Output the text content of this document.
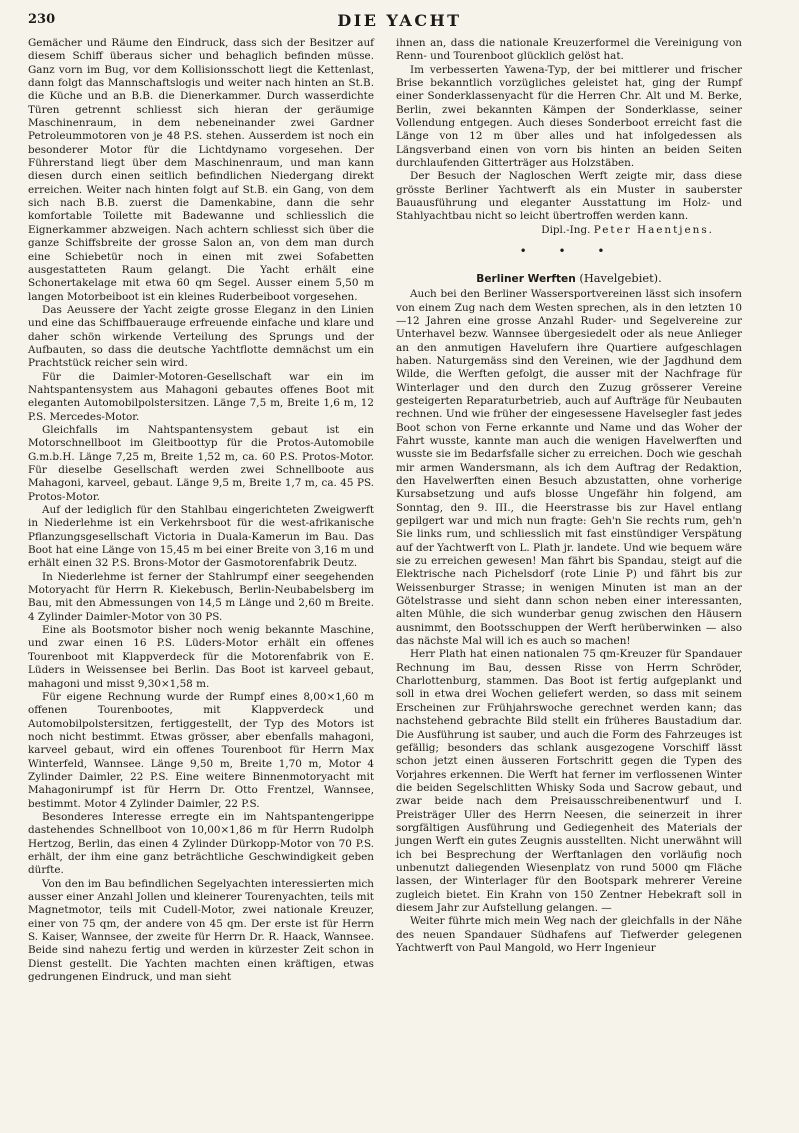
230	DIE YACHT

Gemächer und Räume den Eindruck, dass sich der Besitzer auf diesem Schiff überaus sicher und behaglich befinden müsse. Ganz vorn im Bug, vor dem Kollisionsschott liegt die Kettenlast, dann folgt das Mannschaftslogis und weiter nach hinten an St.B. die Küche und an B.B. die Dienerkammer. Durch wasserdichte Türen getrennt schliesst sich hieran der geräumige Maschinenraum, in dem nebeneinander zwei Gardner Petroleummotoren von je 48 P.S. stehen. Ausserdem ist noch ein besonderer Motor für die Lichtdynamo vorgesehen. Der Führerstand liegt über dem Maschinenraum, und man kann diesen durch einen seitlich befindlichen Niedergang direkt erreichen. Weiter nach hinten folgt auf St.B. ein Gang, von dem sich nach B.B. zuerst die Damenkabine, dann die sehr komfortable Toilette mit Badewanne und schliesslich die Eignerkammer abzweigen. Nach achtern schliesst sich über die ganze Schiffsbreite der grosse Salon an, von dem man durch eine Schiebetür noch in einen mit zwei Sofabetten ausgestatteten Raum gelangt. Die Yacht erhält eine Schonertakelage mit etwa 60 qm Segel. Ausser einem 5,50 m langen Motorbeiboot ist ein kleines Ruderbeiboot vorgesehen.

Das Aeussere der Yacht zeigte grosse Eleganz in den Linien und eine das Schiffbauerauge erfreuende einfache und klare und daher schön wirkende Verteilung des Sprungs und der Aufbauten, so dass die deutsche Yachtflotte demnächst um ein Prachtstück reicher sein wird.

Für die Daimler-Motoren-Gesellschaft war ein im Nahtspantensystem aus Mahagoni gebautes offenes Boot mit eleganten Automobilpolstersitzen. Länge 7,5 m, Breite 1,6 m, 12 P.S. Mercedes-Motor.

Gleichfalls im Nahtspantensystem gebaut ist ein Motorschnellboot im Gleitboottyp für die Protos-Automobile G.m.b.H. Länge 7,25 m, Breite 1,52 m, ca. 60 P.S. Protos-Motor. Für dieselbe Gesellschaft werden zwei Schnellboote aus Mahagoni, karveel, gebaut. Länge 9,5 m, Breite 1,7 m, ca. 45 PS. Protos-Motor.

Auf der lediglich für den Stahlbau eingerichteten Zweigwerft in Niederlehme ist ein Verkehrsboot für die west-afrikanische Pflanzungsgesellschaft Victoria in Duala-Kamerun im Bau. Das Boot hat eine Länge von 15,45 m bei einer Breite von 3,16 m und erhält einen 32 P.S. Brons-Motor der Gasmotorenfabrik Deutz.

In Niederlehme ist ferner der Stahlrumpf einer seegehenden Motoryacht für Herrn R. Kiekebusch, Berlin-Neubabelsberg im Bau, mit den Abmessungen von 14,5 m Länge und 2,60 m Breite. 4 Zylinder Daimler-Motor von 30 PS.

Eine als Bootsmotor bisher noch wenig bekannte Maschine, und zwar einen 16 P.S. Lüders-Motor erhält ein offenes Tourenboot mit Klappverdeck für die Motorenfabrik von E. Lüders in Weissensee bei Berlin. Das Boot ist karveel gebaut, mahagoni und misst 9,30×1,58 m.

Für eigene Rechnung wurde der Rumpf eines 8,00×1,60 m offenen Tourenbootes, mit Klappverdeck und Automobilpolstersitzen, fertiggestellt, der Typ des Motors ist noch nicht bestimmt. Etwas grösser, aber ebenfalls mahagoni, karveel gebaut, wird ein offenes Tourenboot für Herrn Max Winterfeld, Wannsee. Länge 9,50 m, Breite 1,70 m, Motor 4 Zylinder Daimler, 22 P.S. Eine weitere Binnenmotoryacht mit Mahagonirumpf ist für Herrn Dr. Otto Frentzel, Wannsee, bestimmt. Motor 4 Zylinder Daimler, 22 P.S.

Besonderes Interesse erregte ein im Nahtspantengerippe dastehendes Schnellboot von 10,00×1,86 m für Herrn Rudolph Hertzog, Berlin, das einen 4 Zylinder Dürkopp-Motor von 70 P.S. erhält, der ihm eine ganz beträchtliche Geschwindigkeit geben dürfte.

Von den im Bau befindlichen Segelyachten interessierten mich ausser einer Anzahl Jollen und kleinerer Tourenyachten, teils mit Magnetmotor, teils mit Cudell-Motor, zwei nationale Kreuzer, einer von 75 qm, der andere von 45 qm. Der erste ist für Herrn S. Kaiser, Wannsee, der zweite für Herrn Dr. R. Haack, Wannsee. Beide sind nahezu fertig und werden in kürzester Zeit schon in Dienst gestellt. Die Yachten machten einen kräftigen, etwas gedrungenen Eindruck, und man sieht

ihnen an, dass die nationale Kreuzerformel die Vereinigung von Renn- und Tourenboot glücklich gelöst hat.

Im verbesserten Yawena-Typ, der bei mittlerer und frischer Brise bekanntlich vorzügliches geleistet hat, ging der Rumpf einer Sonderklassenyacht für die Herren Chr. Alt und M. Berke, Berlin, zwei bekannten Kämpen der Sonderklasse, seiner Vollendung entgegen. Auch dieses Sonderboot erreicht fast die Länge von 12 m über alles und hat infolgedessen als Längsverband einen von vorn bis hinten an beiden Seiten durchlaufenden Gitterträger aus Holzstäben.

Der Besuch der Nagloschen Werft zeigte mir, dass diese grösste Berliner Yachtwerft als ein Muster in sauberster Bauausführung und eleganter Ausstattung im Holz- und Stahlyachtbau nicht so leicht übertroffen werden kann.

Dipl.-Ing. Peter Haentjens.
• • •
Berliner Werften (Havelgebiet).

Auch bei den Berliner Wassersportvereinen lässt sich insofern von einem Zug nach dem Westen sprechen, als in den letzten 10—12 Jahren eine grosse Anzahl Ruder- und Segelvereine zur Unterhavel bezw. Wannsee übergesiedelt oder als neue Anlieger an den anmutigen Havelufern ihre Quartiere aufgeschlagen haben. Naturgemäss sind den Vereinen, wie der Jagdhund dem Wilde, die Werften gefolgt, die ausser mit der Nachfrage für Winterlager und den durch den Zuzug grösserer Vereine gesteigerten Reparaturbetrieb, auch auf Aufträge für Neubauten rechnen. Und wie früher der eingesessene Havelsegler fast jedes Boot schon von Ferne erkannte und Name und das Woher der Fahrt wusste, kannte man auch die wenigen Havelwerften und wusste sie im Bedarfsfalle sicher zu erreichen. Doch wie geschah mir armen Wandersmann, als ich dem Auftrag der Redaktion, den Havelwerften einen Besuch abzustatten, ohne vorherige Kursabsetzung und aufs blosse Ungefähr hin folgend, am Sonntag, den 9. III., die Heerstrasse bis zur Havel entlang gepilgert war und mich nun fragte: Geh'n Sie rechts rum, geh'n Sie links rum, und schliesslich mit fast einstündiger Verspätung auf der Yachtwerft von L. Plath jr. landete. Und wie bequem wäre sie zu erreichen gewesen! Man fährt bis Spandau, steigt auf die Elektrische nach Pichelsdorf (rote Linie P) und fährt bis zur Weissenburger Strasse; in wenigen Minuten ist man an der Götelstrasse und sieht dann schon neben einer interessanten, alten Mühle, die sich wunderbar genug zwischen den Häusern ausnimmt, den Bootsschuppen der Werft herüberwinken — also das nächste Mal will ich es auch so machen!

Herr Plath hat einen nationalen 75 qm-Kreuzer für Spandauer Rechnung im Bau, dessen Risse von Herrn Schröder, Charlottenburg, stammen. Das Boot ist fertig aufgeplankt und soll in etwa drei Wochen geliefert werden, so dass mit seinem Erscheinen zur Frühjahrswoche gerechnet werden kann; das nachstehend gebrachte Bild stellt ein früheres Baustadium dar. Die Ausführung ist sauber, und auch die Form des Fahrzeuges ist gefällig; besonders das schlank ausgezogene Vorschiff lässt schon jetzt einen äusseren Fortschritt gegen die Typen des Vorjahres erkennen. Die Werft hat ferner im verflossenen Winter die beiden Segelschlitten Whisky Soda und Sacrow gebaut, und zwar beide nach dem Preisausschreibenentwurf und I. Preisträger Uller des Herrn Neesen, die seinerzeit in ihrer sorgfältigen Ausführung und Gediegenheit des Materials der jungen Werft ein gutes Zeugnis ausstellten. Nicht unerwähnt will ich bei Besprechung der Werftanlagen den vorläufig noch unbenutzt daliegenden Wiesenplatz von rund 5000 qm Fläche lassen, der Winterlager für den Bootspark mehrerer Vereine zugleich bietet. Ein Krahn von 150 Zentner Hebekraft soll in diesem Jahr zur Aufstellung gelangen. —

Weiter führte mich mein Weg nach der gleichfalls in der Nähe des neuen Spandauer Südhafens auf Tiefwerder gelegenen Yachtwerft von Paul Mangold, wo Herr Ingenieur
